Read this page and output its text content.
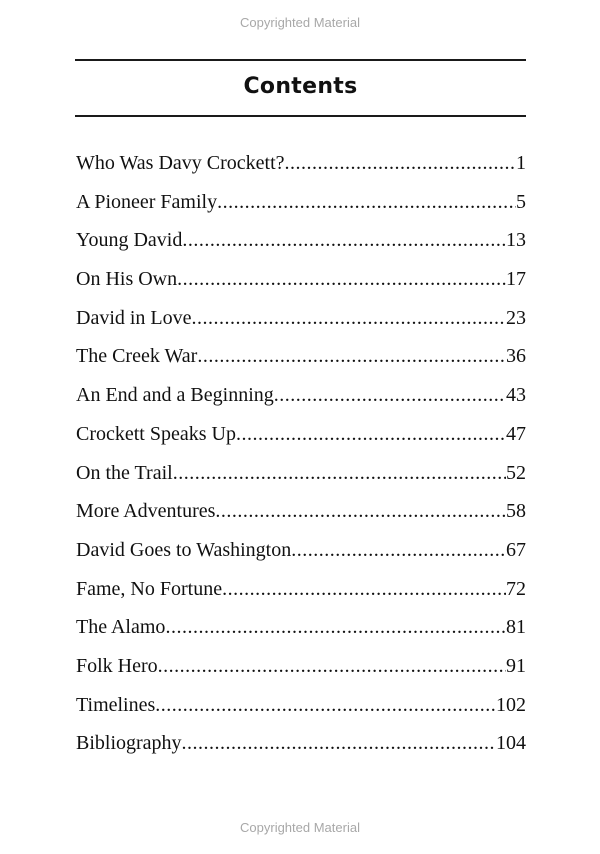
Copyrighted Material
Contents
Who Was Davy Crockett? .....	1
A Pioneer Family .....	5
Young David .....	13
On His Own .....	17
David in Love .....	23
The Creek War .....	36
An End and a Beginning .....	43
Crockett Speaks Up .....	47
On the Trail .....	52
More Adventures .....	58
David Goes to Washington .....	67
Fame, No Fortune .....	72
The Alamo .....	81
Folk Hero .....	91
Timelines .....	102
Bibliography .....	104
Copyrighted Material
